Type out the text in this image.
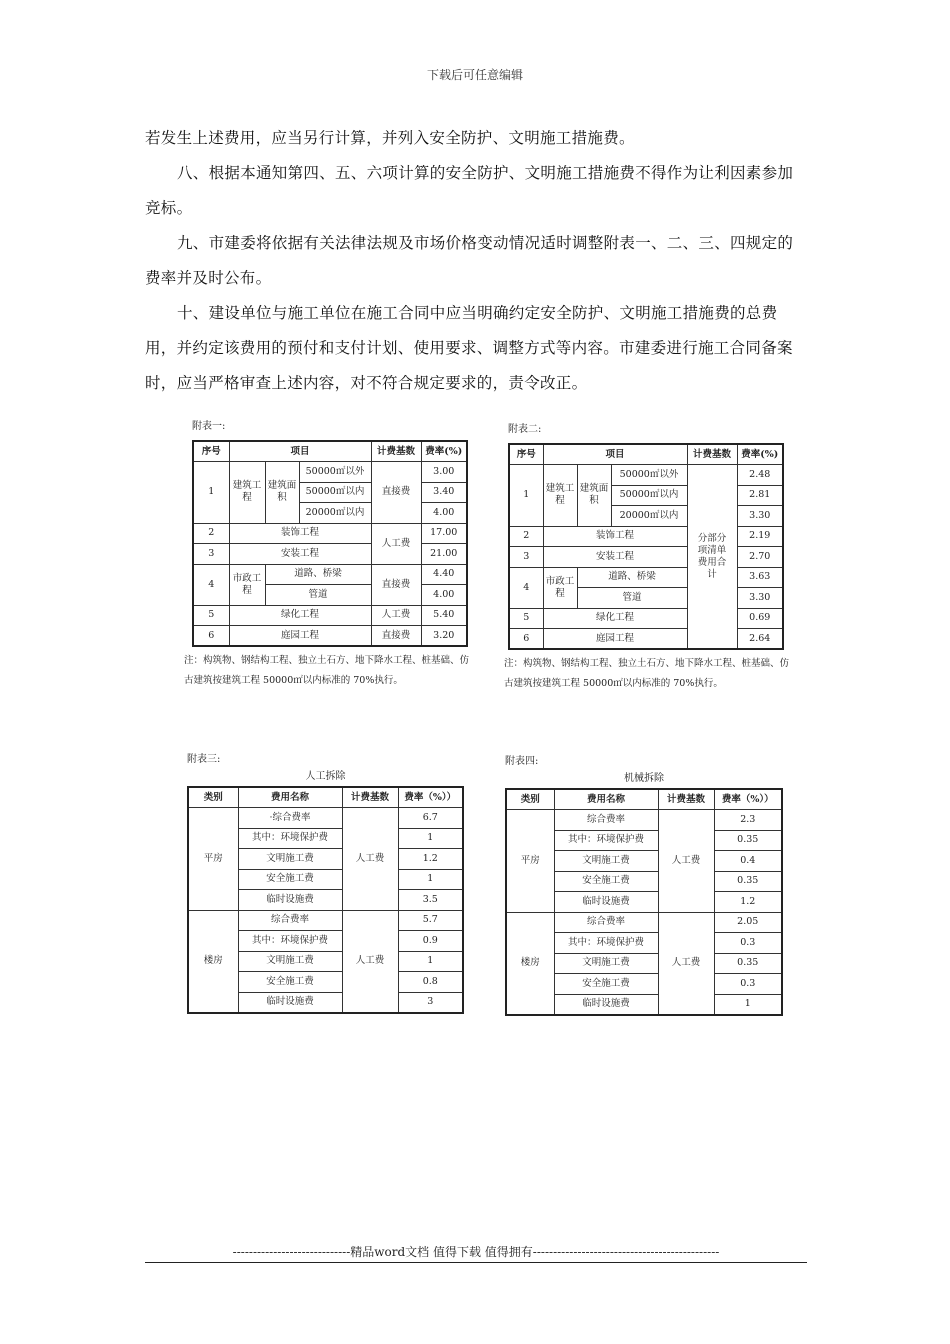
下载后可任意编辑

若发生上述费用，应当另行计算，并列入安全防护、文明施工措施费。

八、根据本通知第四、五、六项计算的安全防护、文明施工措施费不得作为让利因素参加竞标。

九、市建委将依据有关法律法规及市场价格变动情况适时调整附表一、二、三、四规定的费率并及时公布。

十、建设单位与施工单位在施工合同中应当明确约定安全防护、文明施工措施费的总费用，并约定该费用的预付和支付计划、使用要求、调整方式等内容。市建委进行施工合同备案时，应当严格审查上述内容，对不符合规定要求的，责令改正。

附表一:
序号	项目			计费基数	费率(%)
1	建筑工程	建筑面积	50000㎡以外	直接费	3.00
			50000㎡以内		3.40
			20000㎡以内		4.00
2	装饰工程			人工费	17.00
3	安装工程				21.00
4	市政工程	道路、桥梁		直接费	4.40
		管道			4.00
5	绿化工程			人工费	5.40
6	庭园工程			直接费	3.20
注：构筑物、钢结构工程、独立土石方、地下降水工程、桩基础、仿古建筑按建筑工程 50000㎡以内标准的 70%执行。
附表二:
序号	项目			计费基数	费率(%)
1	建筑工程	建筑面积	50000㎡以外	分部分项清单费用合计	2.48
			50000㎡以内		2.81
			20000㎡以内		3.30
2	装饰工程				2.19
3	安装工程				2.70
4	市政工程	道路、桥梁			3.63
		管道			3.30
5	绿化工程				0.69
6	庭园工程				2.64
注：构筑物、钢结构工程、独立土石方、地下降水工程、桩基础、仿古建筑按建筑工程 50000㎡以内标准的 70%执行。
附表三:
人工拆除
类别	费用名称	计费基数	费率（%））
平房	·综合费率	人工费	6.7
	其中：环境保护费		1
	文明施工费		1.2
	安全施工费		1
	临时设施费		3.5
楼房	综合费率	人工费	5.7
	其中：环境保护费		0.9
	文明施工费		1
	安全施工费		0.8
	临时设施费		3
附表四:
机械拆除
类别	费用名称	计费基数	费率（%））
平房	综合费率	人工费	2.3
	其中：环境保护费		0.35
	文明施工费		0.4
	安全施工费		0.35
	临时设施费		1.2
楼房	综合费率	人工费	2.05
	其中：环境保护费		0.3
	文明施工费		0.35
	安全施工费		0.3
	临时设施费		1
-----------------------------精品word文档 值得下载 值得拥有----------------------------------------------
